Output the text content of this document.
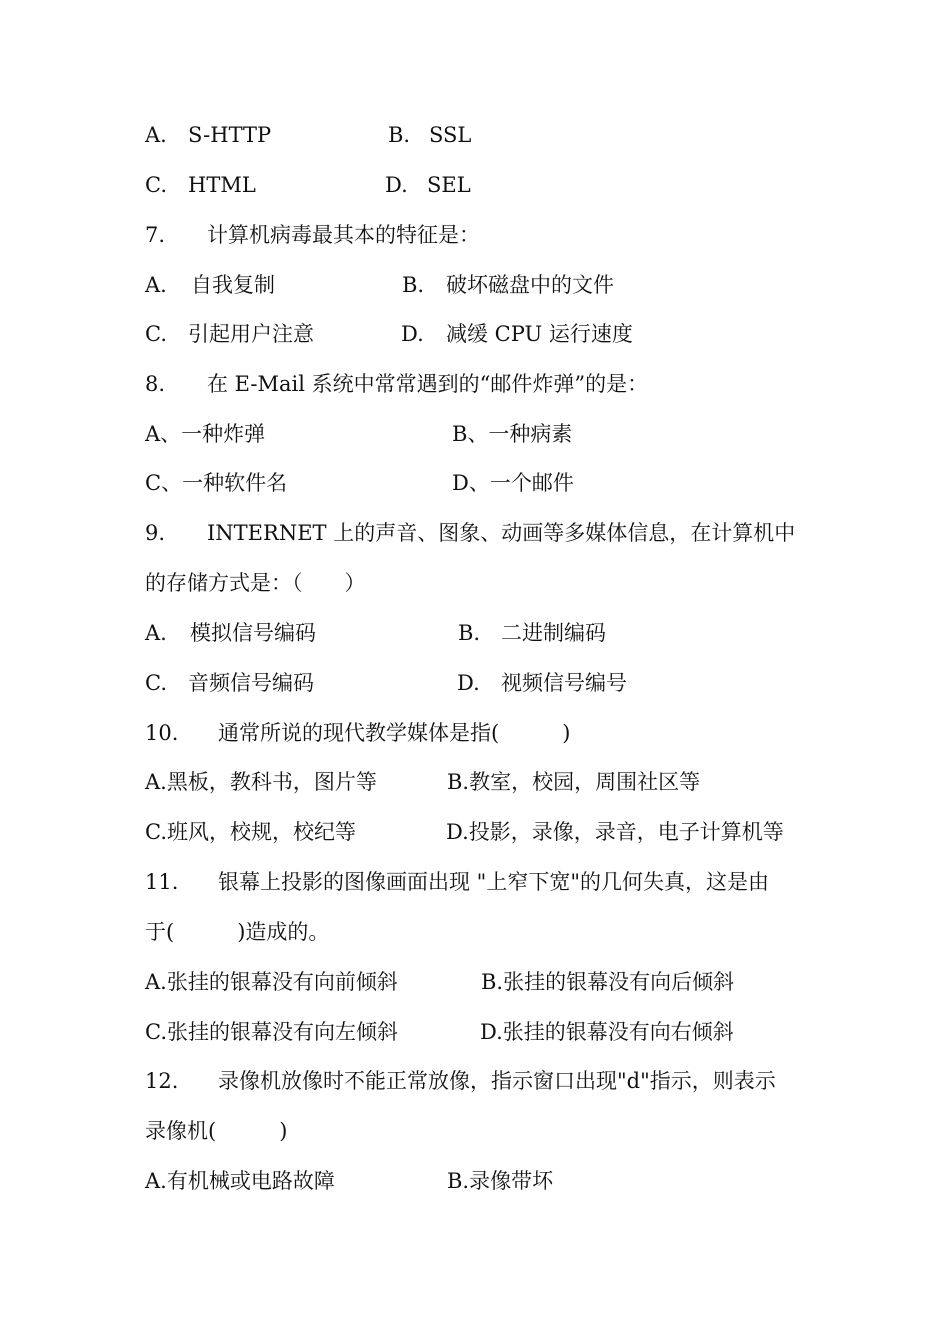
A. S-HTTP	B. SSL
C. HTML	D. SEL
7. 计算机病毒最其本的特征是：
A. 自我复制	B. 破坏磁盘中的文件
C. 引起用户注意	D. 减缓 CPU 运行速度
8. 在 E-Mail 系统中常常遇到的“邮件炸弹”的是：
A、一种炸弹	B、一种病素
C、一种软件名	D、一个邮件
9. INTERNET 上的声音、图象、动画等多媒体信息，在计算机中
的存储方式是：（　　）
A. 模拟信号编码	B. 二进制编码
C. 音频信号编码	D. 视频信号编号
10. 通常所说的现代教学媒体是指(　　　)
A.黑板，教科书，图片等	B.教室，校园，周围社区等
C.班风，校规，校纪等	D.投影，录像，录音，电子计算机等
11. 银幕上投影的图像画面出现 "上窄下宽"的几何失真，这是由
于(　　　)造成的。
A.张挂的银幕没有向前倾斜	B.张挂的银幕没有向后倾斜
C.张挂的银幕没有向左倾斜	D.张挂的银幕没有向右倾斜
12. 录像机放像时不能正常放像，指示窗口出现"d"指示，则表示
录像机(　　　)
A.有机械或电路故障	B.录像带坏
